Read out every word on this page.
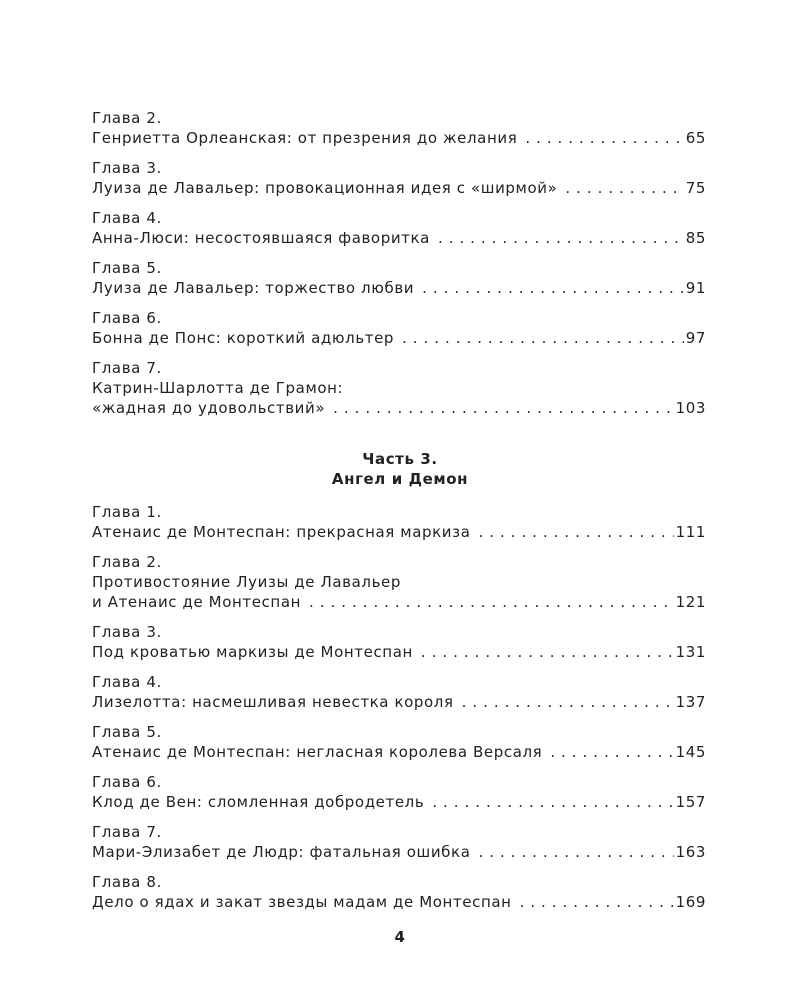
Глава 2.
Генриетта Орлеанская: от презрения до желания . . .	65
Глава 3.
Луиза де Лавальер: провокационная идея с «ширмой» . . .	75
Глава 4.
Анна-Люси: несостоявшаяся фаворитка . . .	85
Глава 5.
Луиза де Лавальер: торжество любви . . .	91
Глава 6.
Бонна де Понс: короткий адюльтер . . .	97
Глава 7.
Катрин-Шарлотта де Грамон:
«жадная до удовольствий» . . .	103
Часть 3.
Ангел и Демон
Глава 1.
Атенаис де Монтеспан: прекрасная маркиза . . .	111
Глава 2.
Противостояние Луизы де Лавальер
и Атенаис де Монтеспан . . .	121
Глава 3.
Под кроватью маркизы де Монтеспан . . .	131
Глава 4.
Лизелотта: насмешливая невестка короля . . .	137
Глава 5.
Атенаис де Монтеспан: негласная королева Версаля . . .	145
Глава 6.
Клод де Вен: сломленная добродетель . . .	157
Глава 7.
Мари-Элизабет де Людр: фатальная ошибка . . .	163
Глава 8.
Дело о ядах и закат звезды мадам де Монтеспан . . .	169
4
